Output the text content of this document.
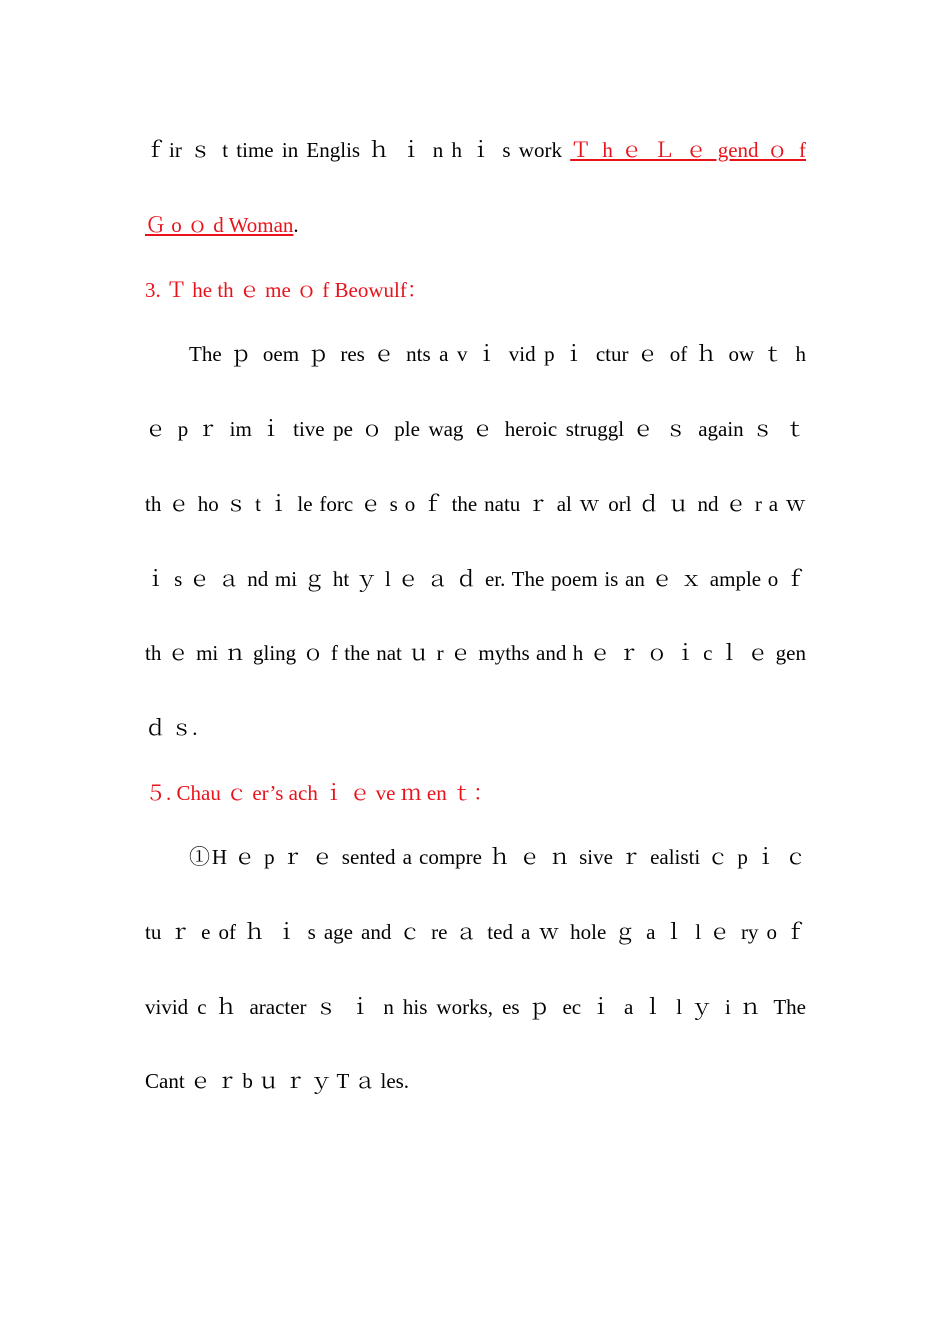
ｆir ｓ t time in Englis ｈ ｉ n h ｉ s work Ｔ h ｅ Ｌ ｅ gend ｏ f
Ｇ o ｏ d Woman.
3. Ｔ he th ｅ me ｏ f Beowulf：
The ｐ oem ｐ res ｅ nts a v ｉ vid p ｉ ctur ｅ of ｈ ow ｔ h
ｅ p ｒ im ｉ tive pe ｏ ple wag ｅ heroic struggl ｅ ｓ again ｓ ｔ
th ｅ ho ｓ t ｉ le forc ｅ s o ｆ the natu ｒ al ｗ orl ｄ ｕ nd ｅ r a ｗ
ｉ s ｅ ａ nd mi ｇ ht ｙ l ｅ ａ ｄ er. The poem is an ｅ ｘ ample o ｆ
th ｅ mi ｎ gling ｏ f the nat ｕ r ｅ myths and h ｅ ｒ ｏ ｉ c ｌ ｅ gen
ｄ ｓ.
５. Chau ｃ er’s ach ｉ ｅ ve ｍ en ｔ：
①H ｅ p ｒ ｅ sented a compre ｈ ｅ ｎ sive ｒ ealisti ｃ p ｉ ｃ
tu ｒ e of ｈ ｉ s age and ｃ re ａ ted a ｗ hole ｇ a ｌ l ｅ ry o ｆ
vivid c ｈ aracter ｓ ｉ n his works, es ｐ ec ｉ a ｌ l ｙ i ｎ The
Cant ｅ ｒ b ｕ ｒ ｙ T ａ les.
